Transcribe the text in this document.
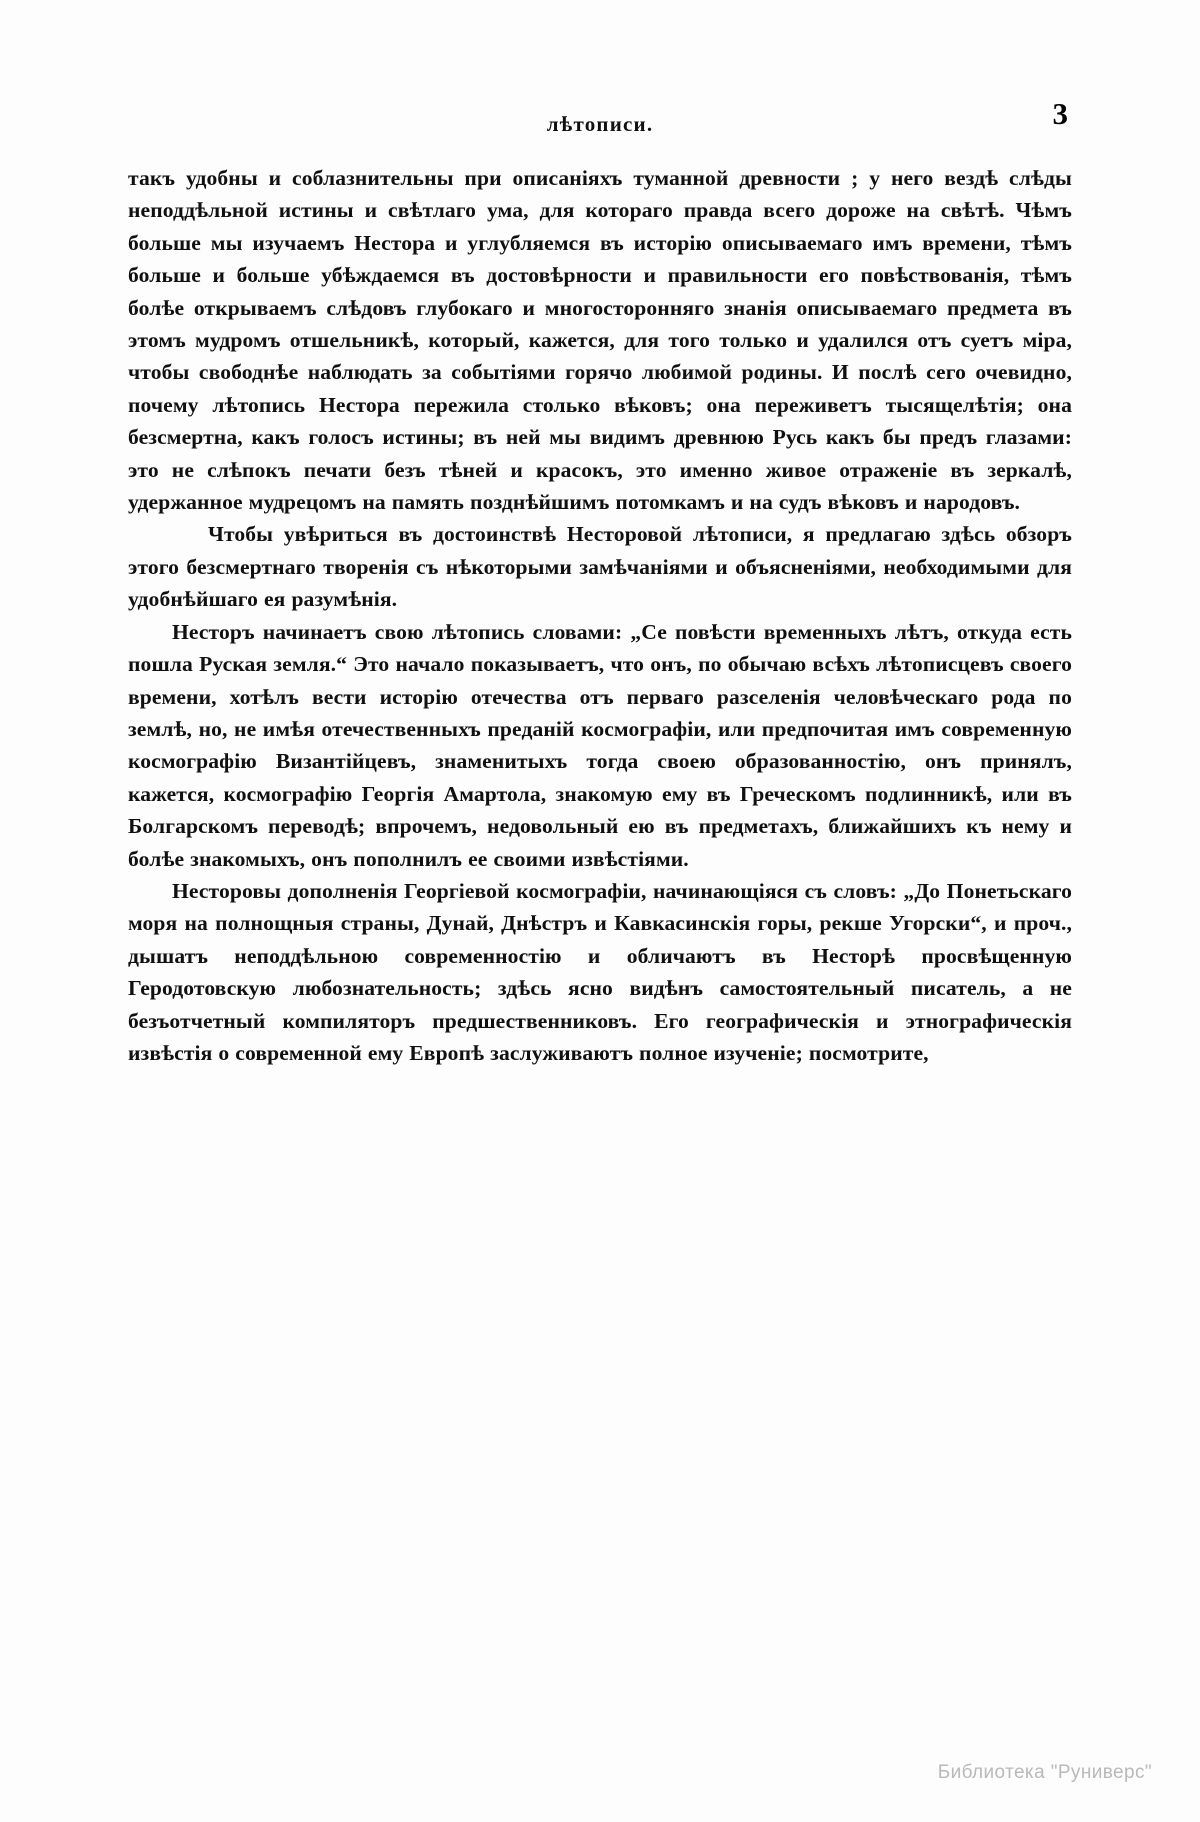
лѣтописи.	3

такъ удобны и соблазнительны при описаніяхъ туманной древности ; у него вездѣ слѣды неподдѣльной истины и свѣтлаго ума, для котораго правда всего дороже на свѣтѣ. Чѣмъ больше мы изучаемъ Нестора и углубляемся въ исторію описываемаго имъ времени, тѣмъ больше и больше убѣждаемся въ достовѣрности и правильности его повѣствованія, тѣмъ болѣе открываемъ слѣдовъ глубокаго и многосторонняго знанія описываемаго предмета въ этомъ мудромъ отшельникѣ, который, кажется, для того только и удалился отъ суетъ міра, чтобы свободнѣе наблюдать за событіями горячо любимой родины. И послѣ сего очевидно, почему лѣтопись Нестора пережила столько вѣковъ; она переживетъ тысящелѣтія; она безсмертна, какъ голосъ истины; въ ней мы видимъ древнюю Русь какъ бы предъ глазами: это не слѣпокъ печати безъ тѣней и красокъ, это именно живое отраженіе въ зеркалѣ, удержанное мудрецомъ на память позднѣйшимъ потомкамъ и на судъ вѣковъ и народовъ.

Чтобы увѣриться въ достоинствѣ Несторовой лѣтописи, я предлагаю здѣсь обзоръ этого безсмертнаго творенія съ нѣкоторыми замѣчаніями и объясненіями, необходимыми для удобнѣйшаго ея разумѣнія.

Несторъ начинаетъ свою лѣтопись словами: „Се повѣсти временныхъ лѣтъ, откуда есть пошла Руская земля.“ Это начало показываетъ, что онъ, по обычаю всѣхъ лѣтописцевъ своего времени, хотѣлъ вести исторію отечества отъ перваго разселенія человѣческаго рода по землѣ, но, не имѣя отечественныхъ преданій космографіи, или предпочитая имъ современную космографію Византійцевъ, знаменитыхъ тогда своею образованностію, онъ принялъ, кажется, космографію Георгія Амартола, знакомую ему въ Греческомъ подлинникѣ, или въ Болгарскомъ переводѣ; впрочемъ, недовольный ею въ предметахъ, ближайшихъ къ нему и болѣе знакомыхъ, онъ пополнилъ ее своими извѣстіями.

Несторовы дополненія Георгіевой космографіи, начинающіяся съ словъ: „До Понетьскаго моря на полнощныя страны, Дунай, Днѣстръ и Кавкасинскія горы, рекше Угорски“, и проч., дышатъ неподдѣльною современностію и обличаютъ въ Несторѣ просвѣщенную Геродотовскую любознательность; здѣсь ясно видѣнъ самостоятельный писатель, а не безъотчетный компиляторъ предшественниковъ. Его географическія и этнографическія извѣстія о современной ему Европѣ заслуживаютъ полное изученіе; посмотрите,

Библиотека "Руниверс"
